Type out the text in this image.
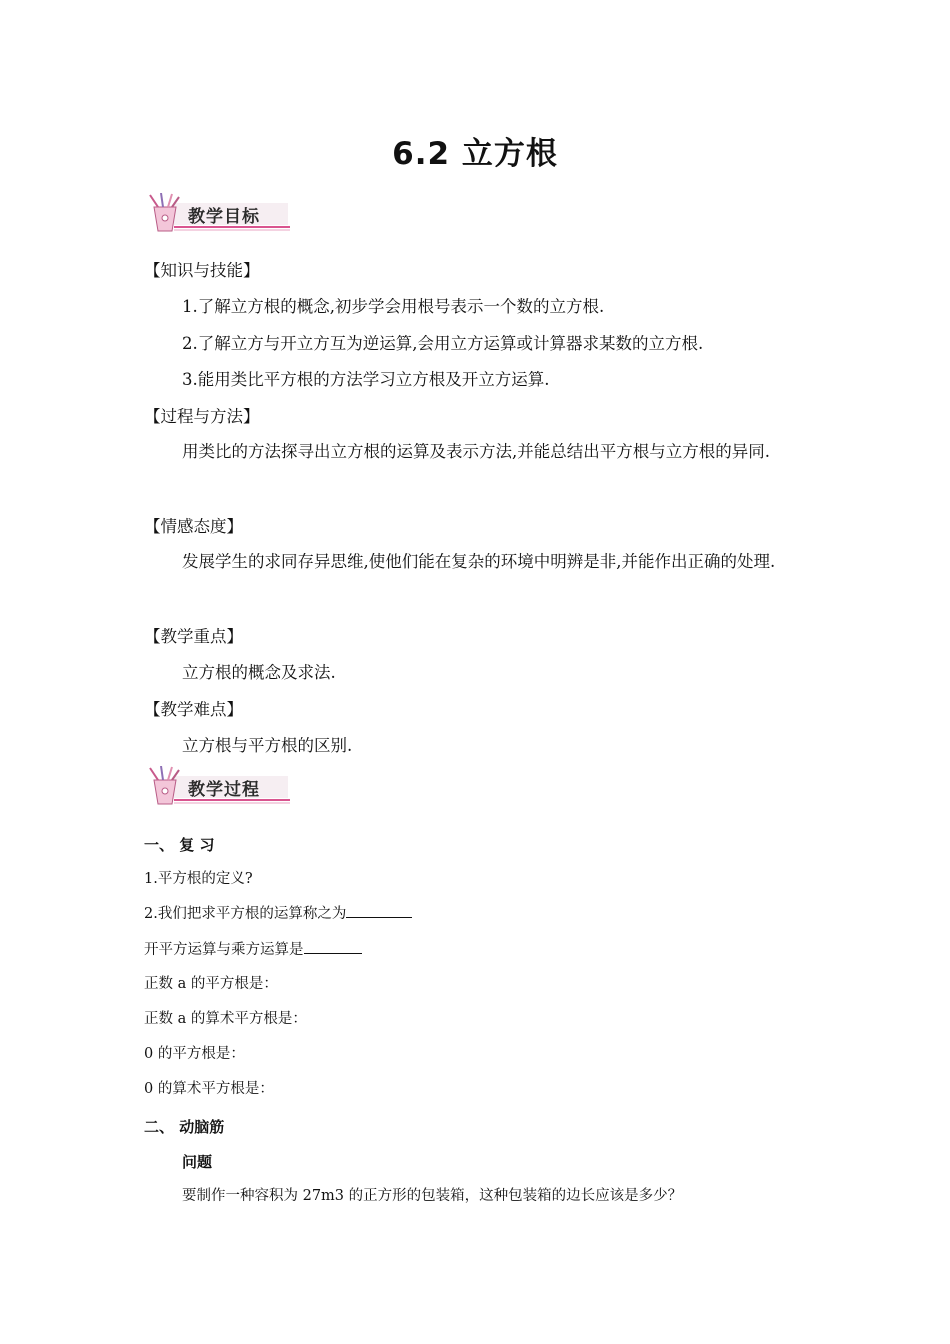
6.2 立方根
教学目标
【知识与技能】
1.了解立方根的概念,初步学会用根号表示一个数的立方根.
2.了解立方与开立方互为逆运算,会用立方运算或计算器求某数的立方根.
3.能用类比平方根的方法学习立方根及开立方运算.
【过程与方法】
用类比的方法探寻出立方根的运算及表示方法,并能总结出平方根与立方根的异同.
【情感态度】
发展学生的求同存异思维,使他们能在复杂的环境中明辨是非,并能作出正确的处理.
【教学重点】
立方根的概念及求法.
【教学难点】
立方根与平方根的区别.
教学过程
一、 复 习
1.平方根的定义?
2.我们把求平方根的运算称之为
开平方运算与乘方运算是
正数 a 的平方根是：
正数 a 的算术平方根是：
0 的平方根是：
0 的算术平方根是：
二、 动脑筋
问题
要制作一种容积为 27m3 的正方形的包装箱，这种包装箱的边长应该是多少？
